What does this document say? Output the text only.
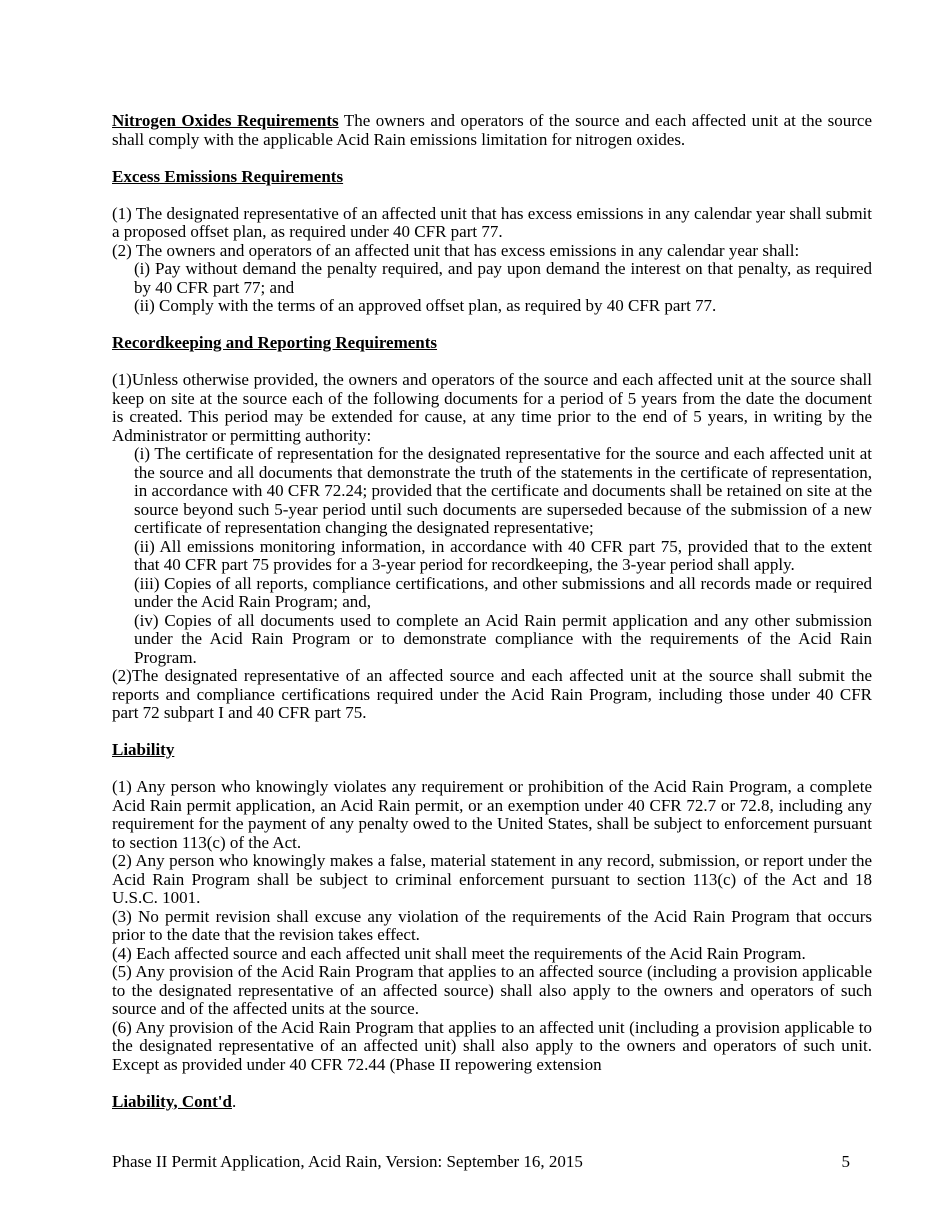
Nitrogen Oxides Requirements The owners and operators of the source and each affected unit at the source shall comply with the applicable Acid Rain emissions limitation for nitrogen oxides.

Excess Emissions Requirements

(1) The designated representative of an affected unit that has excess emissions in any calendar year shall submit a proposed offset plan, as required under 40 CFR part 77.

(2) The owners and operators of an affected unit that has excess emissions in any calendar year shall:

(i) Pay without demand the penalty required, and pay upon demand the interest on that penalty, as required by 40 CFR part 77; and

(ii) Comply with the terms of an approved offset plan, as required by 40 CFR part 77.

Recordkeeping and Reporting Requirements

(1)Unless otherwise provided, the owners and operators of the source and each affected unit at the source shall keep on site at the source each of the following documents for a period of 5 years from the date the document is created. This period may be extended for cause, at any time prior to the end of 5 years, in writing by the Administrator or permitting authority:

(i) The certificate of representation for the designated representative for the source and each affected unit at the source and all documents that demonstrate the truth of the statements in the certificate of representation, in accordance with 40 CFR 72.24; provided that the certificate and documents shall be retained on site at the source beyond such 5-year period until such documents are superseded because of the submission of a new certificate of representation changing the designated representative;

(ii) All emissions monitoring information, in accordance with 40 CFR part 75, provided that to the extent that 40 CFR part 75 provides for a 3-year period for recordkeeping, the 3-year period shall apply.

(iii) Copies of all reports, compliance certifications, and other submissions and all records made or required under the Acid Rain Program; and,

(iv) Copies of all documents used to complete an Acid Rain permit application and any other submission under the Acid Rain Program or to demonstrate compliance with the requirements of the Acid Rain Program.

(2)The designated representative of an affected source and each affected unit at the source shall submit the reports and compliance certifications required under the Acid Rain Program, including those under 40 CFR part 72 subpart I and 40 CFR part 75.

Liability

(1) Any person who knowingly violates any requirement or prohibition of the Acid Rain Program, a complete Acid Rain permit application, an Acid Rain permit, or an exemption under 40 CFR 72.7 or 72.8, including any requirement for the payment of any penalty owed to the United States, shall be subject to enforcement pursuant to section 113(c) of the Act.

(2) Any person who knowingly makes a false, material statement in any record, submission, or report under the Acid Rain Program shall be subject to criminal enforcement pursuant to section 113(c) of the Act and 18 U.S.C. 1001.

(3) No permit revision shall excuse any violation of the requirements of the Acid Rain Program that occurs prior to the date that the revision takes effect.

(4) Each affected source and each affected unit shall meet the requirements of the Acid Rain Program.

(5) Any provision of the Acid Rain Program that applies to an affected source (including a provision applicable to the designated representative of an affected source) shall also apply to the owners and operators of such source and of the affected units at the source.

(6) Any provision of the Acid Rain Program that applies to an affected unit (including a provision applicable to the designated representative of an affected unit) shall also apply to the owners and operators of such unit. Except as provided under 40 CFR 72.44 (Phase II repowering extension

Liability, Cont'd.

Phase II Permit Application, Acid Rain, Version: September 16, 2015	5
